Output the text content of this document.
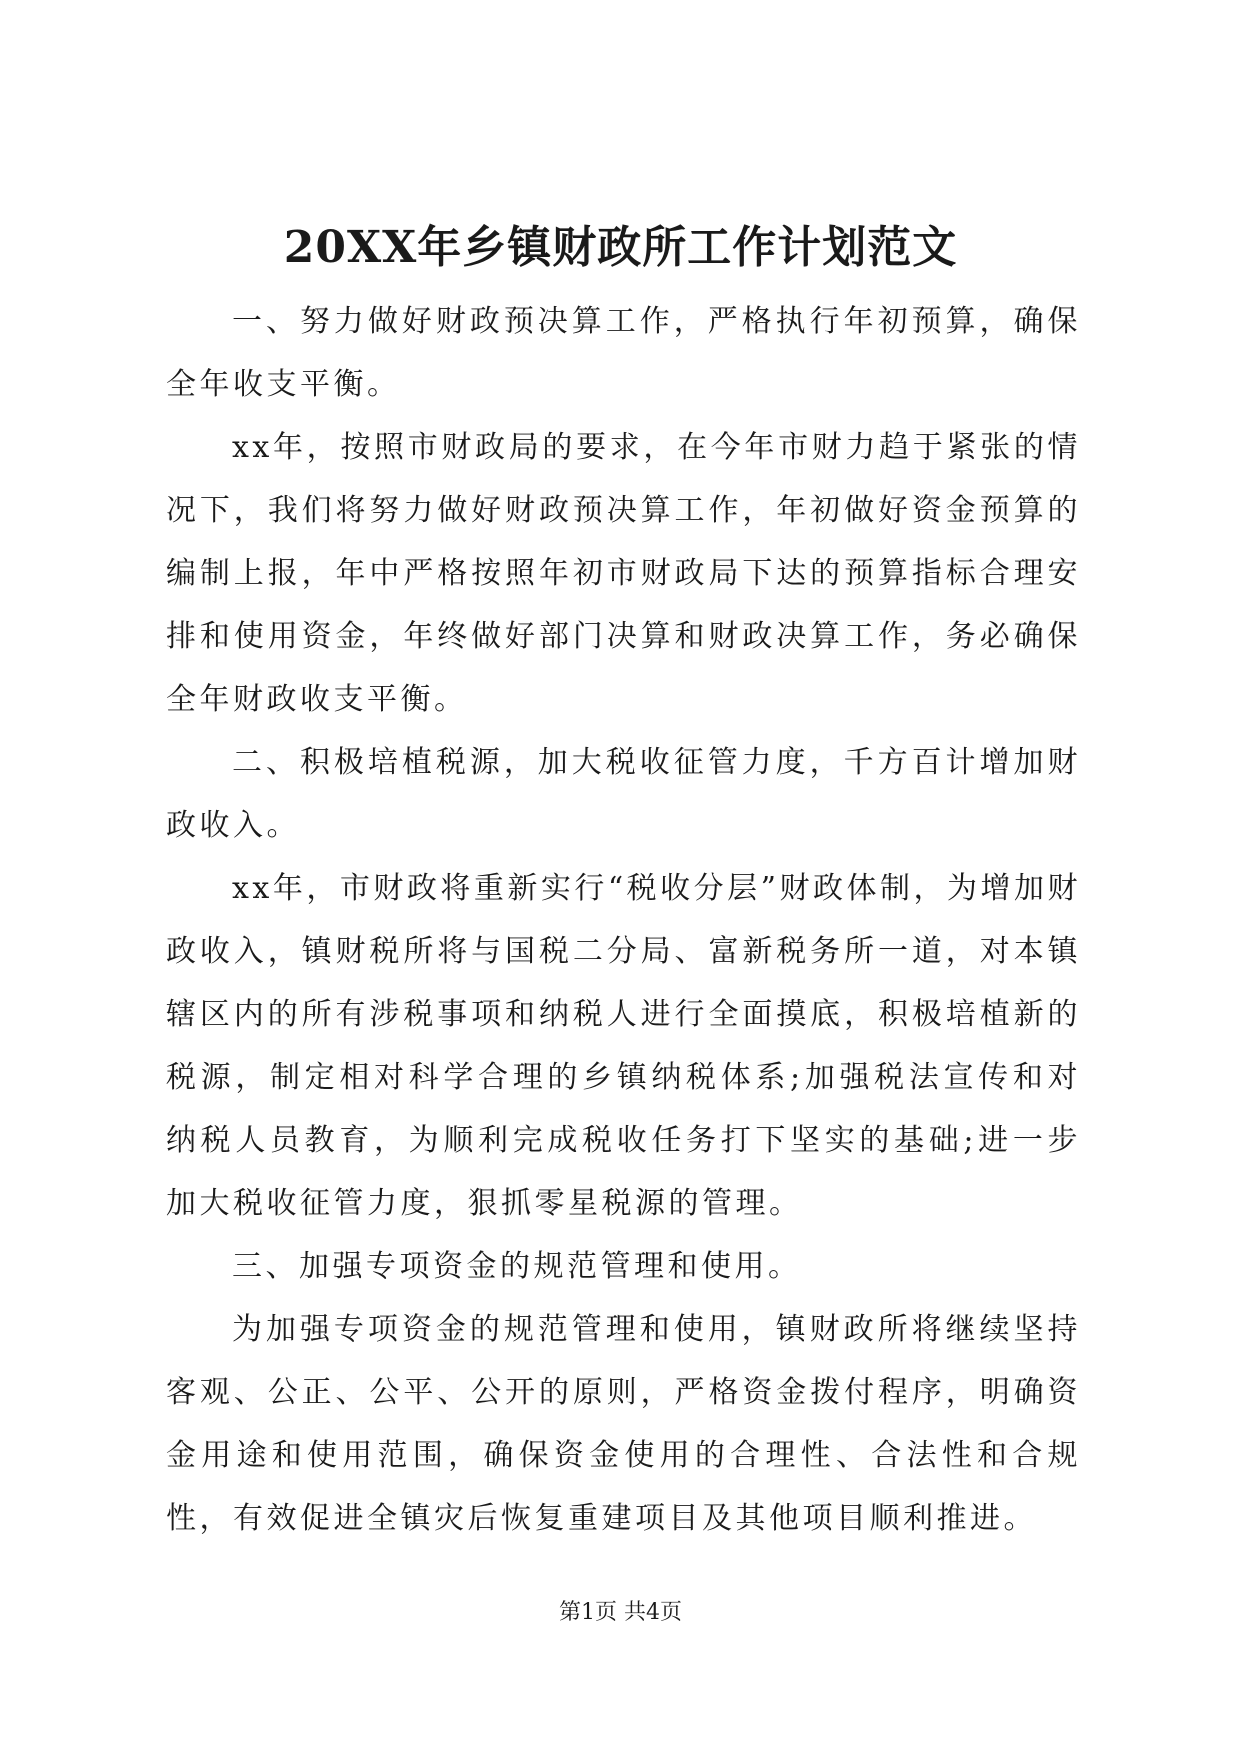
20XX年乡镇财政所工作计划范文

一、努力做好财政预决算工作，严格执行年初预算，确保全年收支平衡。

xx年，按照市财政局的要求，在今年市财力趋于紧张的情况下，我们将努力做好财政预决算工作，年初做好资金预算的编制上报，年中严格按照年初市财政局下达的预算指标合理安排和使用资金，年终做好部门决算和财政决算工作，务必确保全年财政收支平衡。

二、积极培植税源，加大税收征管力度，千方百计增加财政收入。

xx年，市财政将重新实行“税收分层”财政体制，为增加财政收入，镇财税所将与国税二分局、富新税务所一道，对本镇辖区内的所有涉税事项和纳税人进行全面摸底，积极培植新的税源，制定相对科学合理的乡镇纳税体系;加强税法宣传和对纳税人员教育，为顺利完成税收任务打下坚实的基础;进一步加大税收征管力度，狠抓零星税源的管理。

三、加强专项资金的规范管理和使用。

为加强专项资金的规范管理和使用，镇财政所将继续坚持客观、公正、公平、公开的原则，严格资金拨付程序，明确资金用途和使用范围，确保资金使用的合理性、合法性和合规性，有效促进全镇灾后恢复重建项目及其他项目顺利推进。

第1页 共4页
